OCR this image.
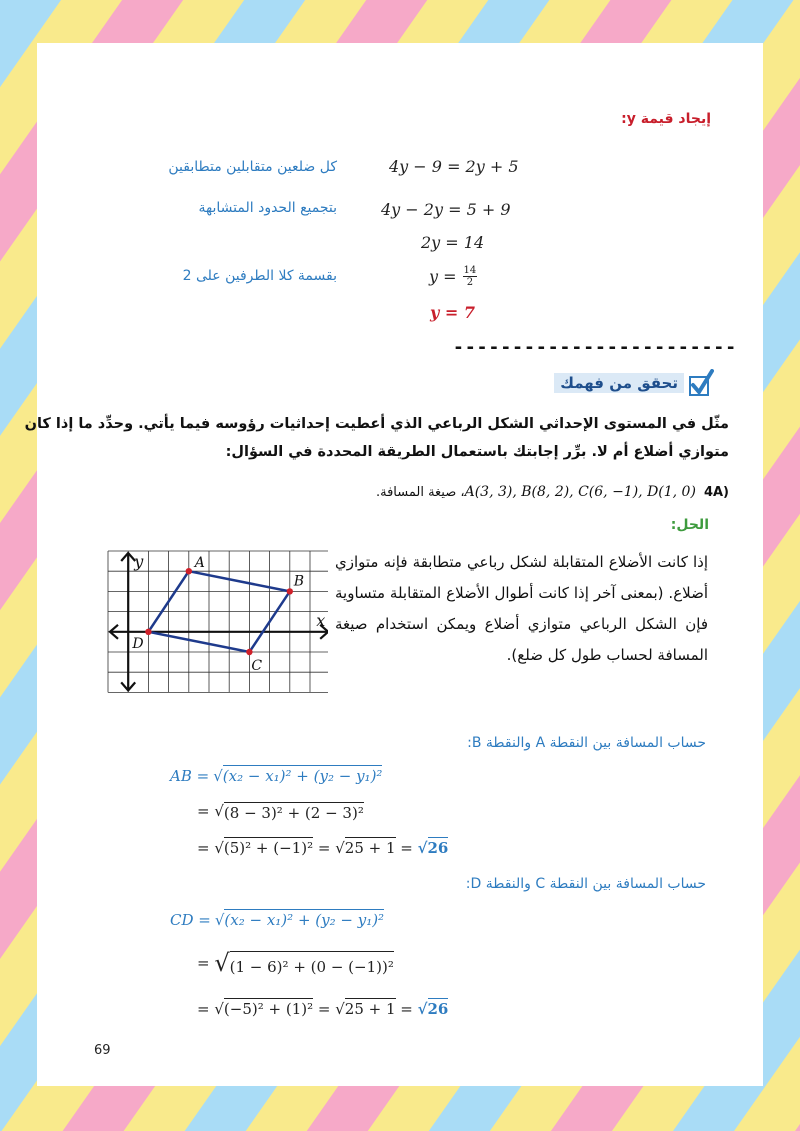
إيجاد قيمة y:
كل ضلعين متقابلين متطابقين	4y − 9 = 2y + 5
بتجميع الحدود المتشابهة	4y − 2y = 5 + 9
2y = 14
بقسمة كلا الطرفين على 2	$y = \frac{14}{2}$
y = 7
------------------------
تحقق من فهمك
مثّل في المستوى الإحداثي الشكل الرباعي الذي أعطيت إحداثيات رؤوسه فيما يأتي. وحدِّد ما إذا كان
متوازي أضلاع أم لا. برِّر إجابتك باستعمال الطريقة المحددة في السؤال:
4A)
A(3, 3), B(8, 2), C(6, −1), D(1, 0)
، صيغة المسافة.
الحل:
إذا كانت الأضلاع المتقابلة لشكل رباعي متطابقة فإنه متوازي أضلاع. (بمعنى آخر إذا كانت أطوال الأضلاع المتقابلة متساوية فإن الشكل الرباعي متوازي أضلاع ويمكن استخدام صيغة المسافة لحساب طول كل ضلع).
x
y	A
B
C
D
حساب المسافة بين النقطة A والنقطة B:
AB = √ (x₂ − x₁)² + (y₂ − y₁)²
= √ (8 − 3)² + (2 − 3)²
= √ (5)² + (−1)² = √ 25 + 1 = √ 26
حساب المسافة بين النقطة C والنقطة D:
CD = √ (x₂ − x₁)² + (y₂ − y₁)²
= √ (1 − 6)² + (0 − (−1))²
= √ (−5)² + (1)² = √ 25 + 1 = √ 26
69
